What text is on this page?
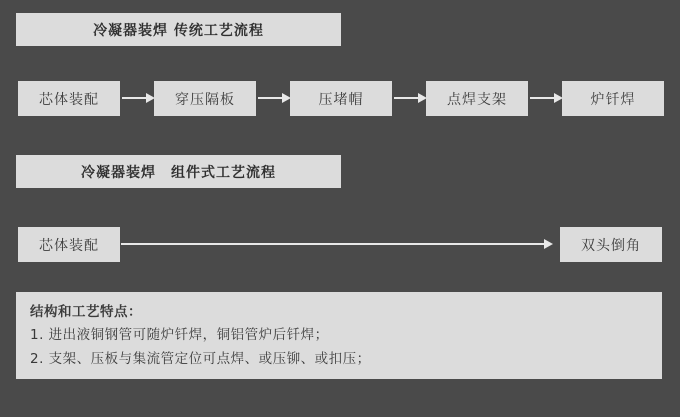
冷凝器装焊 传统工艺流程
芯体装配	穿压隔板	压堵帽	点焊支架	炉钎焊
冷凝器装焊　组件式工艺流程
芯体装配	双头倒角
结构和工艺特点：
1. 进出液铜钢管可随炉钎焊，铜铝管炉后钎焊；
2. 支架、压板与集流管定位可点焊、或压铆、或扣压；
